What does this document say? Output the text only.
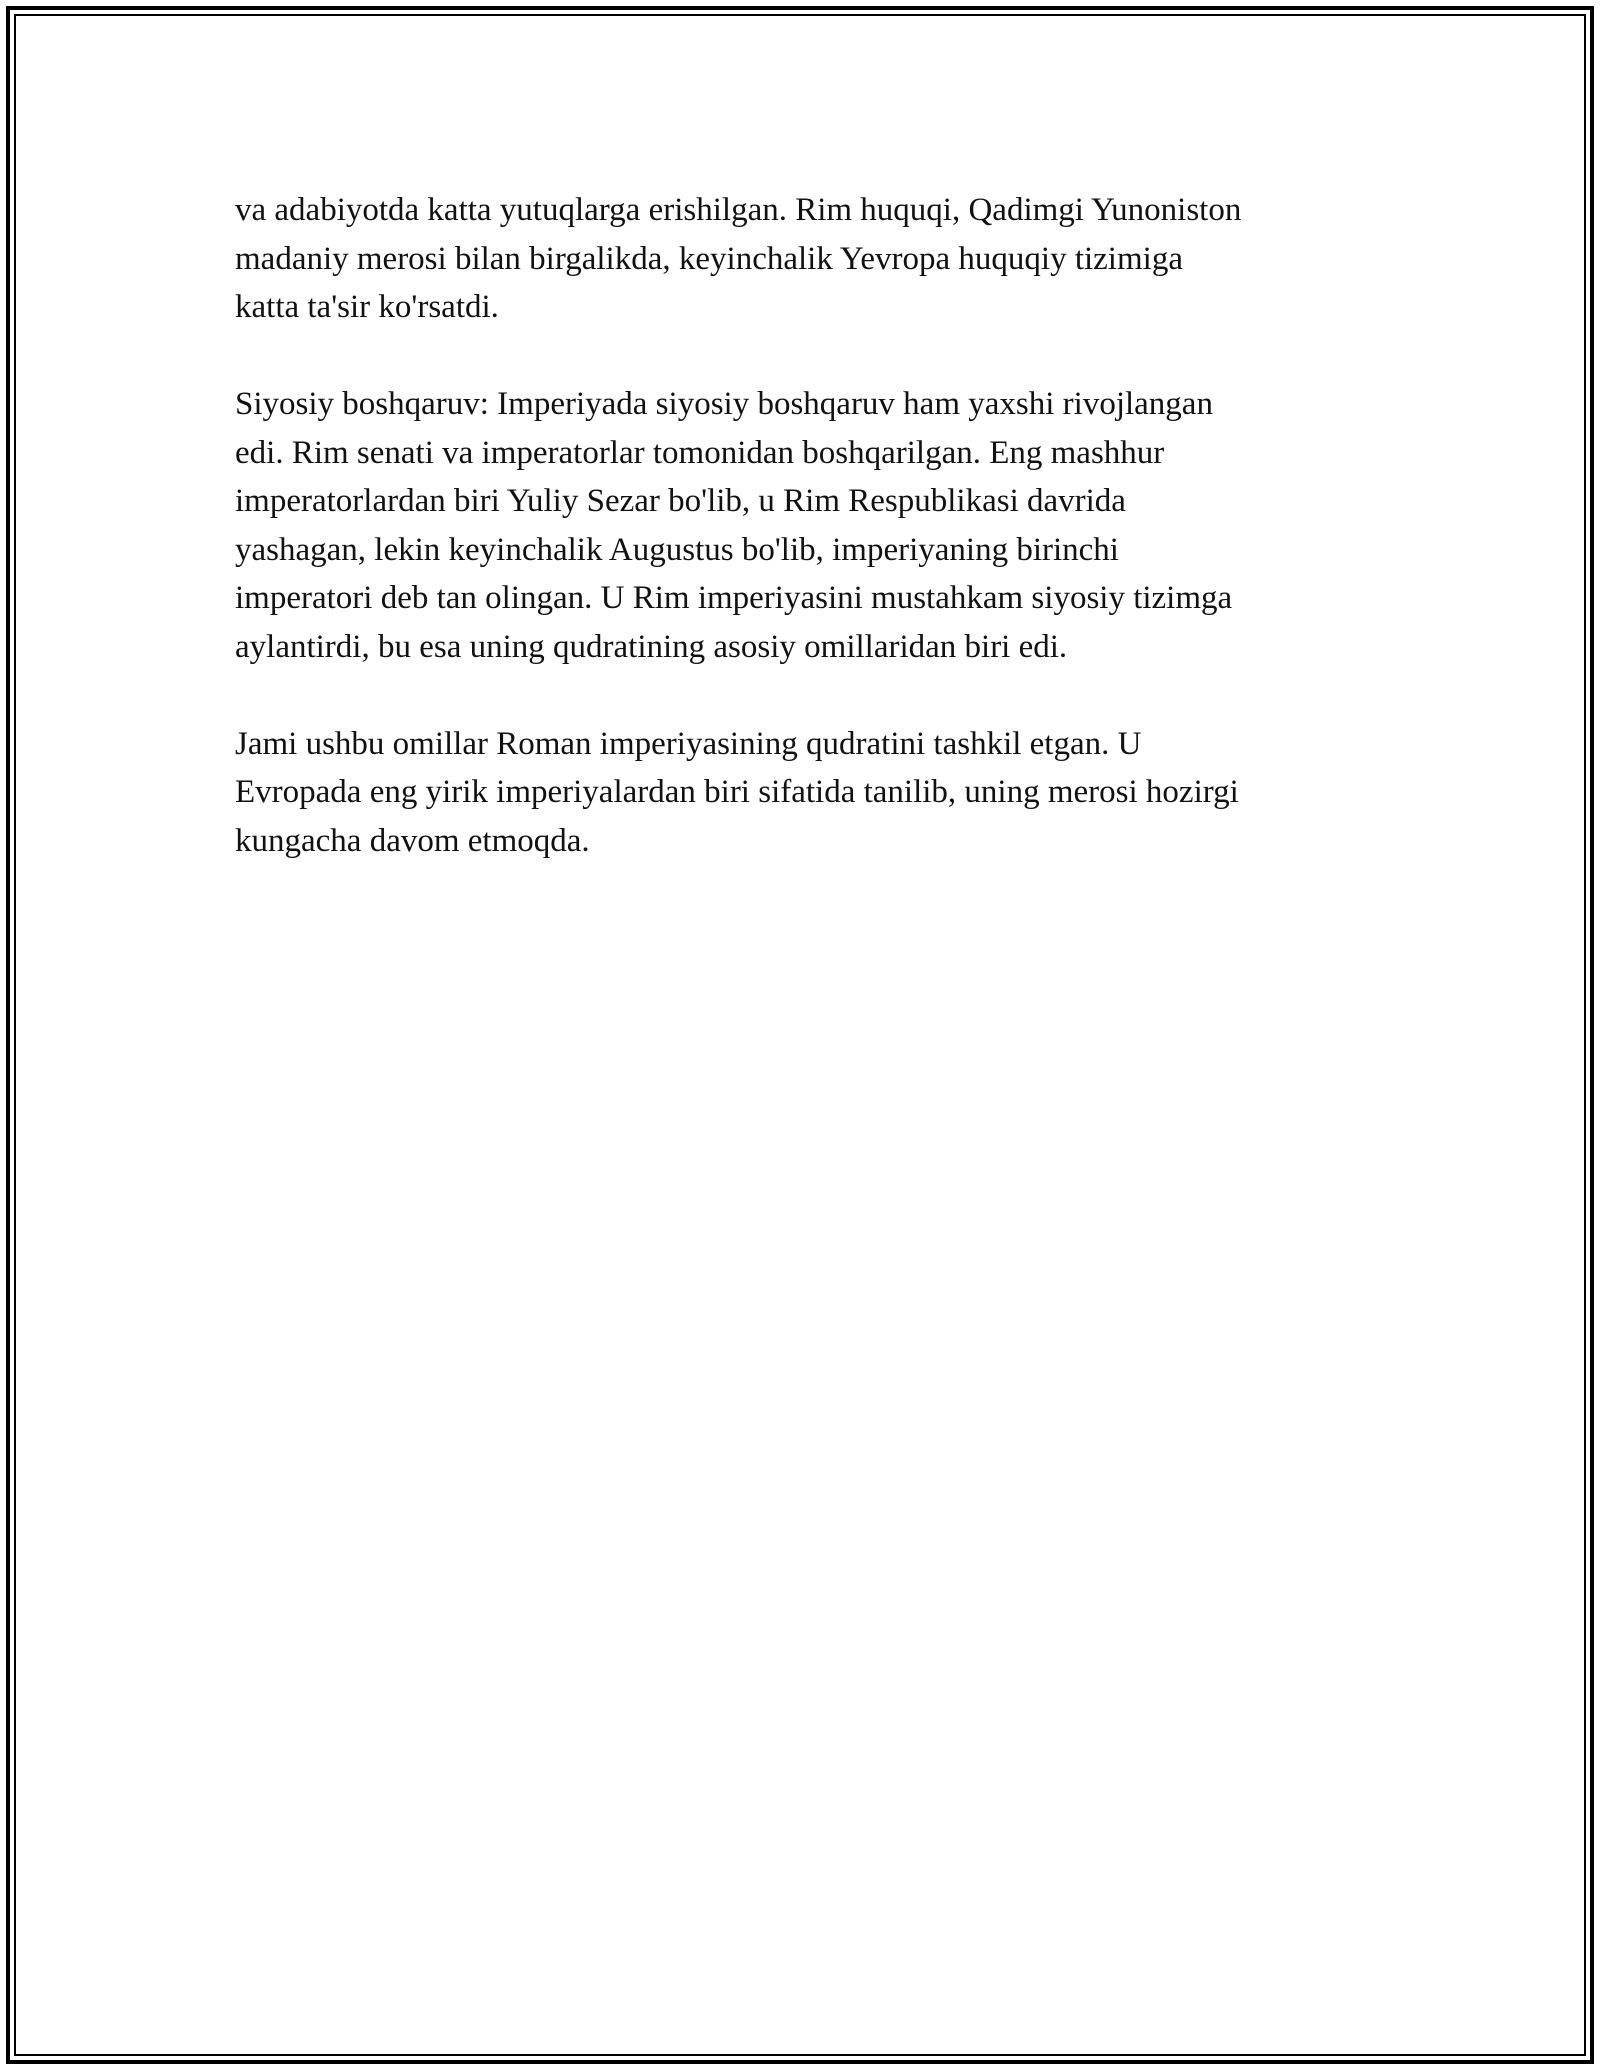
va adabiyotda katta yutuqlarga erishilgan. Rim huquqi, Qadimgi Yunoniston
madaniy merosi bilan birgalikda, keyinchalik Yevropa huquqiy tizimiga
katta ta'sir ko'rsatdi.

Siyosiy boshqaruv: Imperiyada siyosiy boshqaruv ham yaxshi rivojlangan
edi. Rim senati va imperatorlar tomonidan boshqarilgan. Eng mashhur
imperatorlardan biri Yuliy Sezar bo'lib, u Rim Respublikasi davrida
yashagan, lekin keyinchalik Augustus bo'lib, imperiyaning birinchi
imperatori deb tan olingan. U Rim imperiyasini mustahkam siyosiy tizimga
aylantirdi, bu esa uning qudratining asosiy omillaridan biri edi.

Jami ushbu omillar Roman imperiyasining qudratini tashkil etgan. U
Evropada eng yirik imperiyalardan biri sifatida tanilib, uning merosi hozirgi
kungacha davom etmoqda.
